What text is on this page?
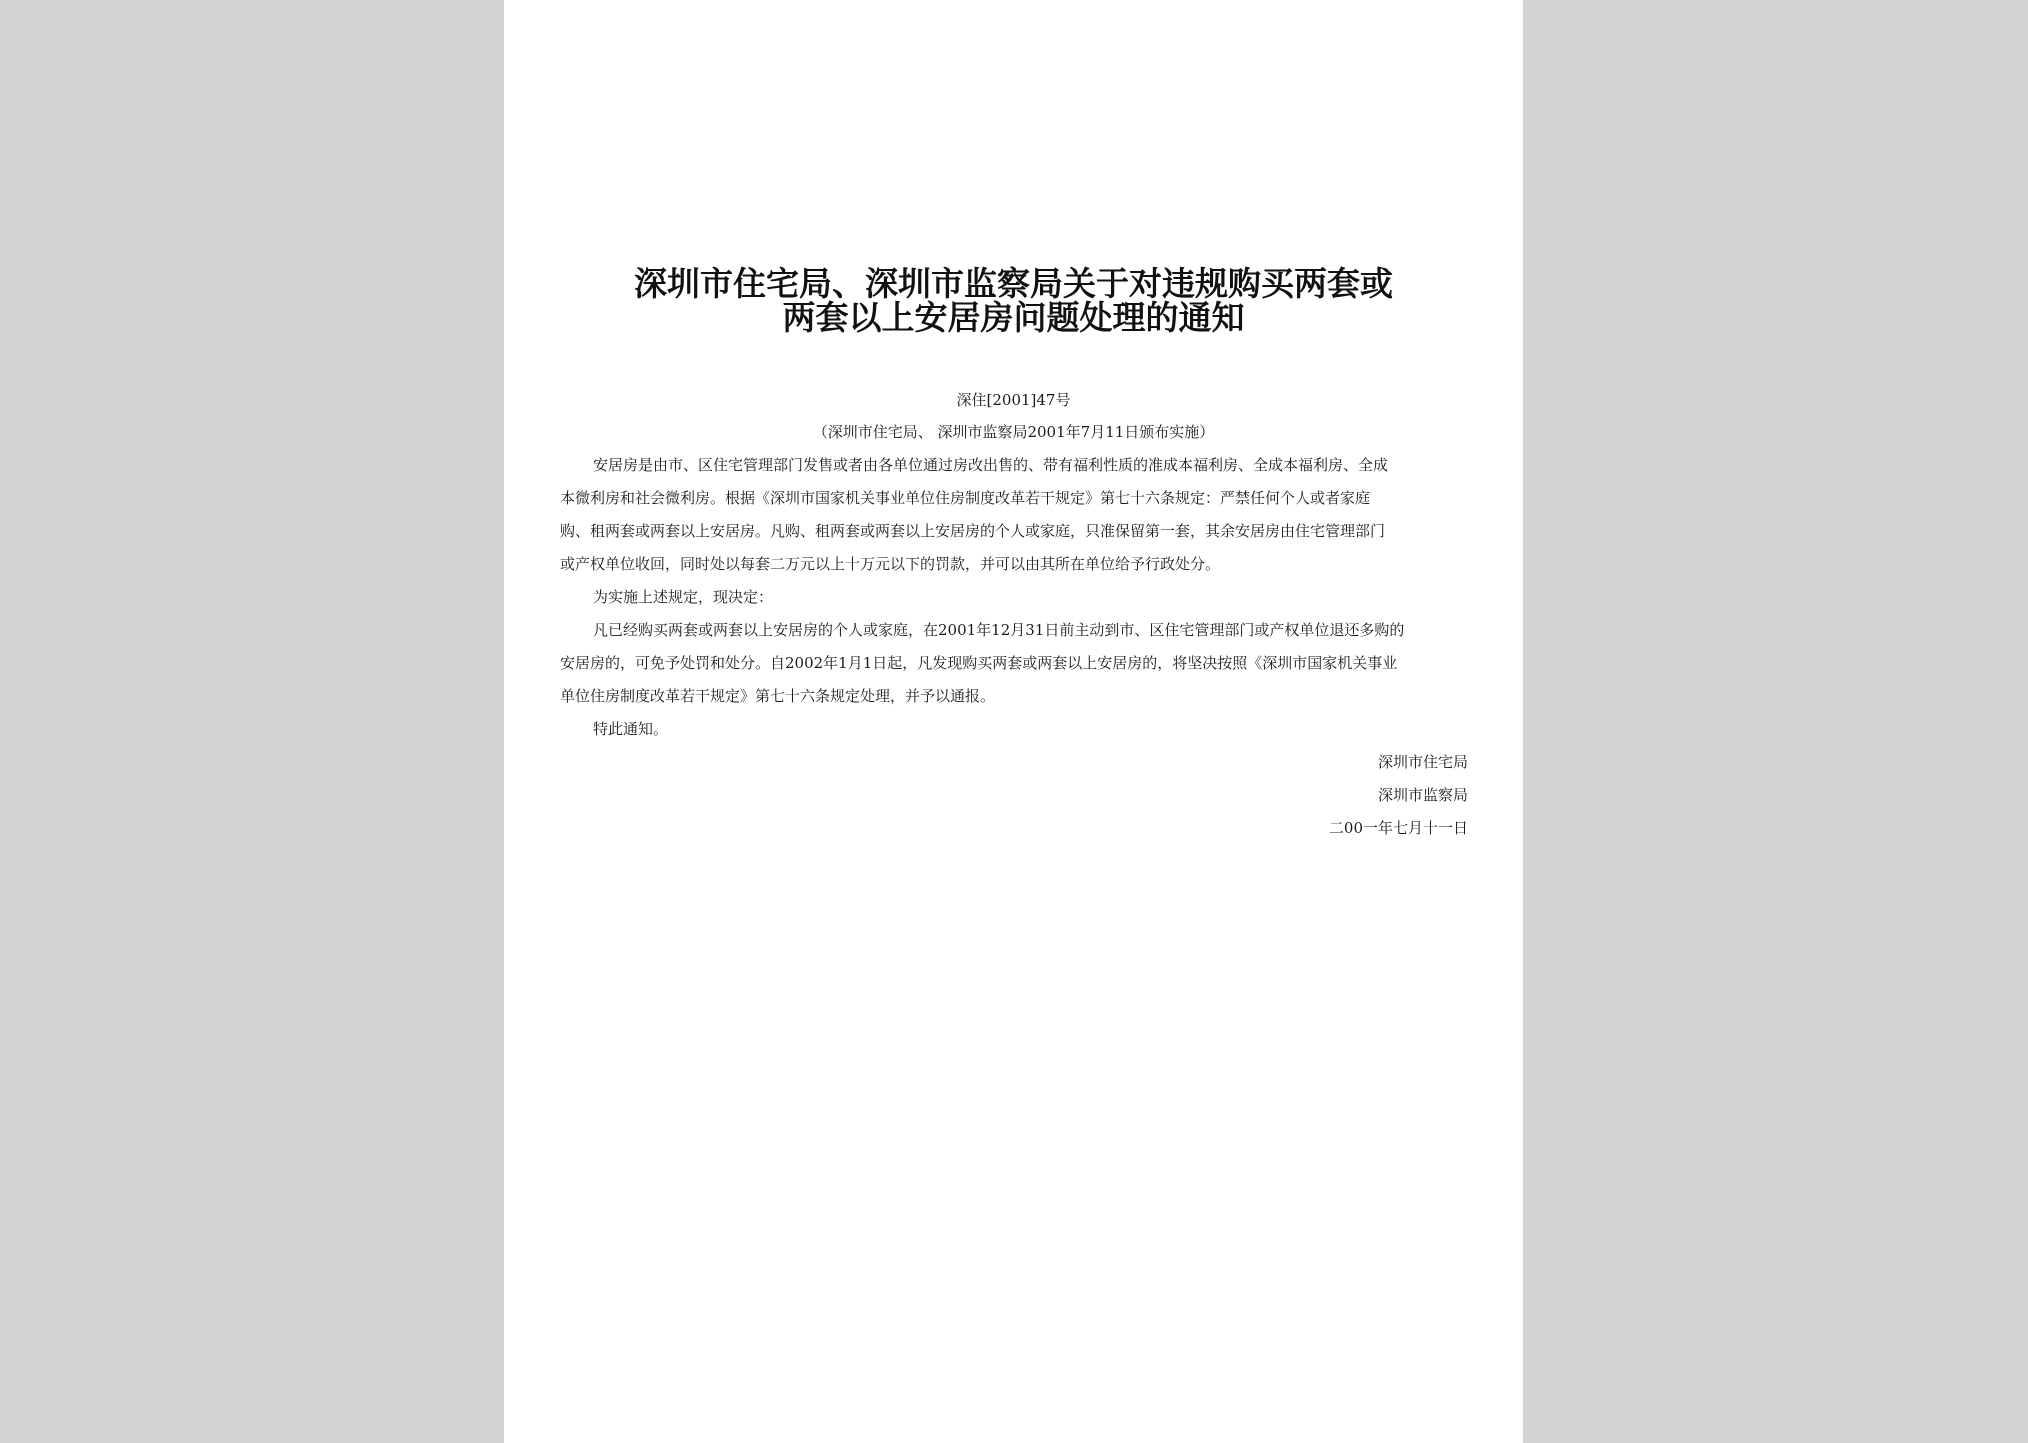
深圳市住宅局、深圳市监察局关于对违规购买两套或
两套以上安居房问题处理的通知
深住[2001]47号
（深圳市住宅局、 深圳市监察局2001年7月11日颁布实施）
安居房是由市、区住宅管理部门发售或者由各单位通过房改出售的、带有福利性质的准成本福利房、全成本福利房、全成
本微利房和社会微利房。根据《深圳市国家机关事业单位住房制度改革若干规定》第七十六条规定：严禁任何个人或者家庭
购、租两套或两套以上安居房。凡购、租两套或两套以上安居房的个人或家庭，只准保留第一套，其余安居房由住宅管理部门
或产权单位收回，同时处以每套二万元以上十万元以下的罚款，并可以由其所在单位给予行政处分。
为实施上述规定，现决定：
凡已经购买两套或两套以上安居房的个人或家庭，在2001年12月31日前主动到市、区住宅管理部门或产权单位退还多购的
安居房的，可免予处罚和处分。自2002年1月1日起，凡发现购买两套或两套以上安居房的，将坚决按照《深圳市国家机关事业
单位住房制度改革若干规定》第七十六条规定处理，并予以通报。
特此通知。
深圳市住宅局
深圳市监察局
二00一年七月十一日
